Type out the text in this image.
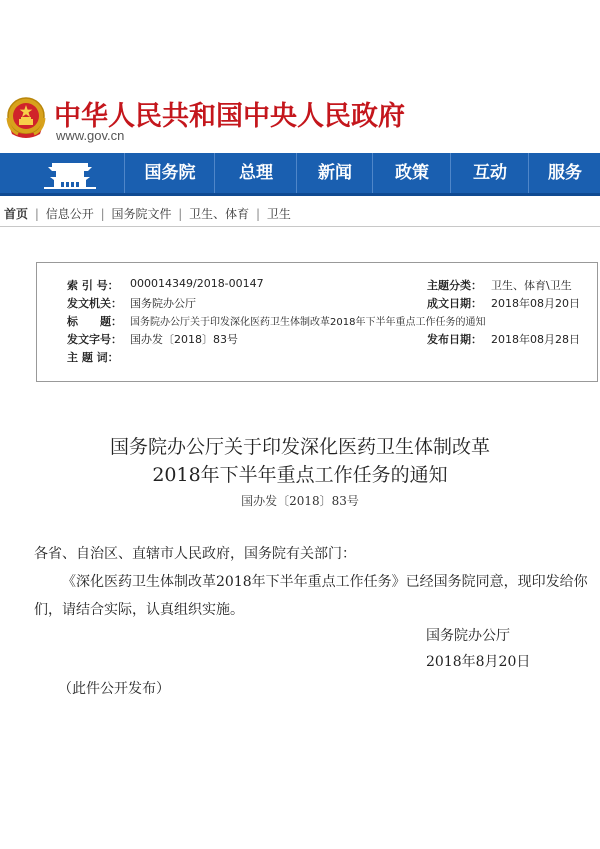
中华人民共和国中央人民政府
www.gov.cn
国务院	总理	新闻	政策	互动	服务
首页 | 信息公开 | 国务院文件 | 卫生、体育 | 卫生
索 引 号： 000014349/2018-00147	主题分类： 卫生、体育\卫生
发文机关： 国务院办公厅	成文日期： 2018年08月20日
标　　题： 国务院办公厅关于印发深化医药卫生体制改革2018年下半年重点工作任务的通知
发文字号： 国办发〔2018〕83号	发布日期： 2018年08月28日
主 题 词：
国务院办公厅关于印发深化医药卫生体制改革
2018年下半年重点工作任务的通知
国办发〔2018〕83号
各省、自治区、直辖市人民政府，国务院有关部门：
《深化医药卫生体制改革2018年下半年重点工作任务》已经国务院同意，现印发给你
们，请结合实际，认真组织实施。
国务院办公厅
2018年8月20日
（此件公开发布）
